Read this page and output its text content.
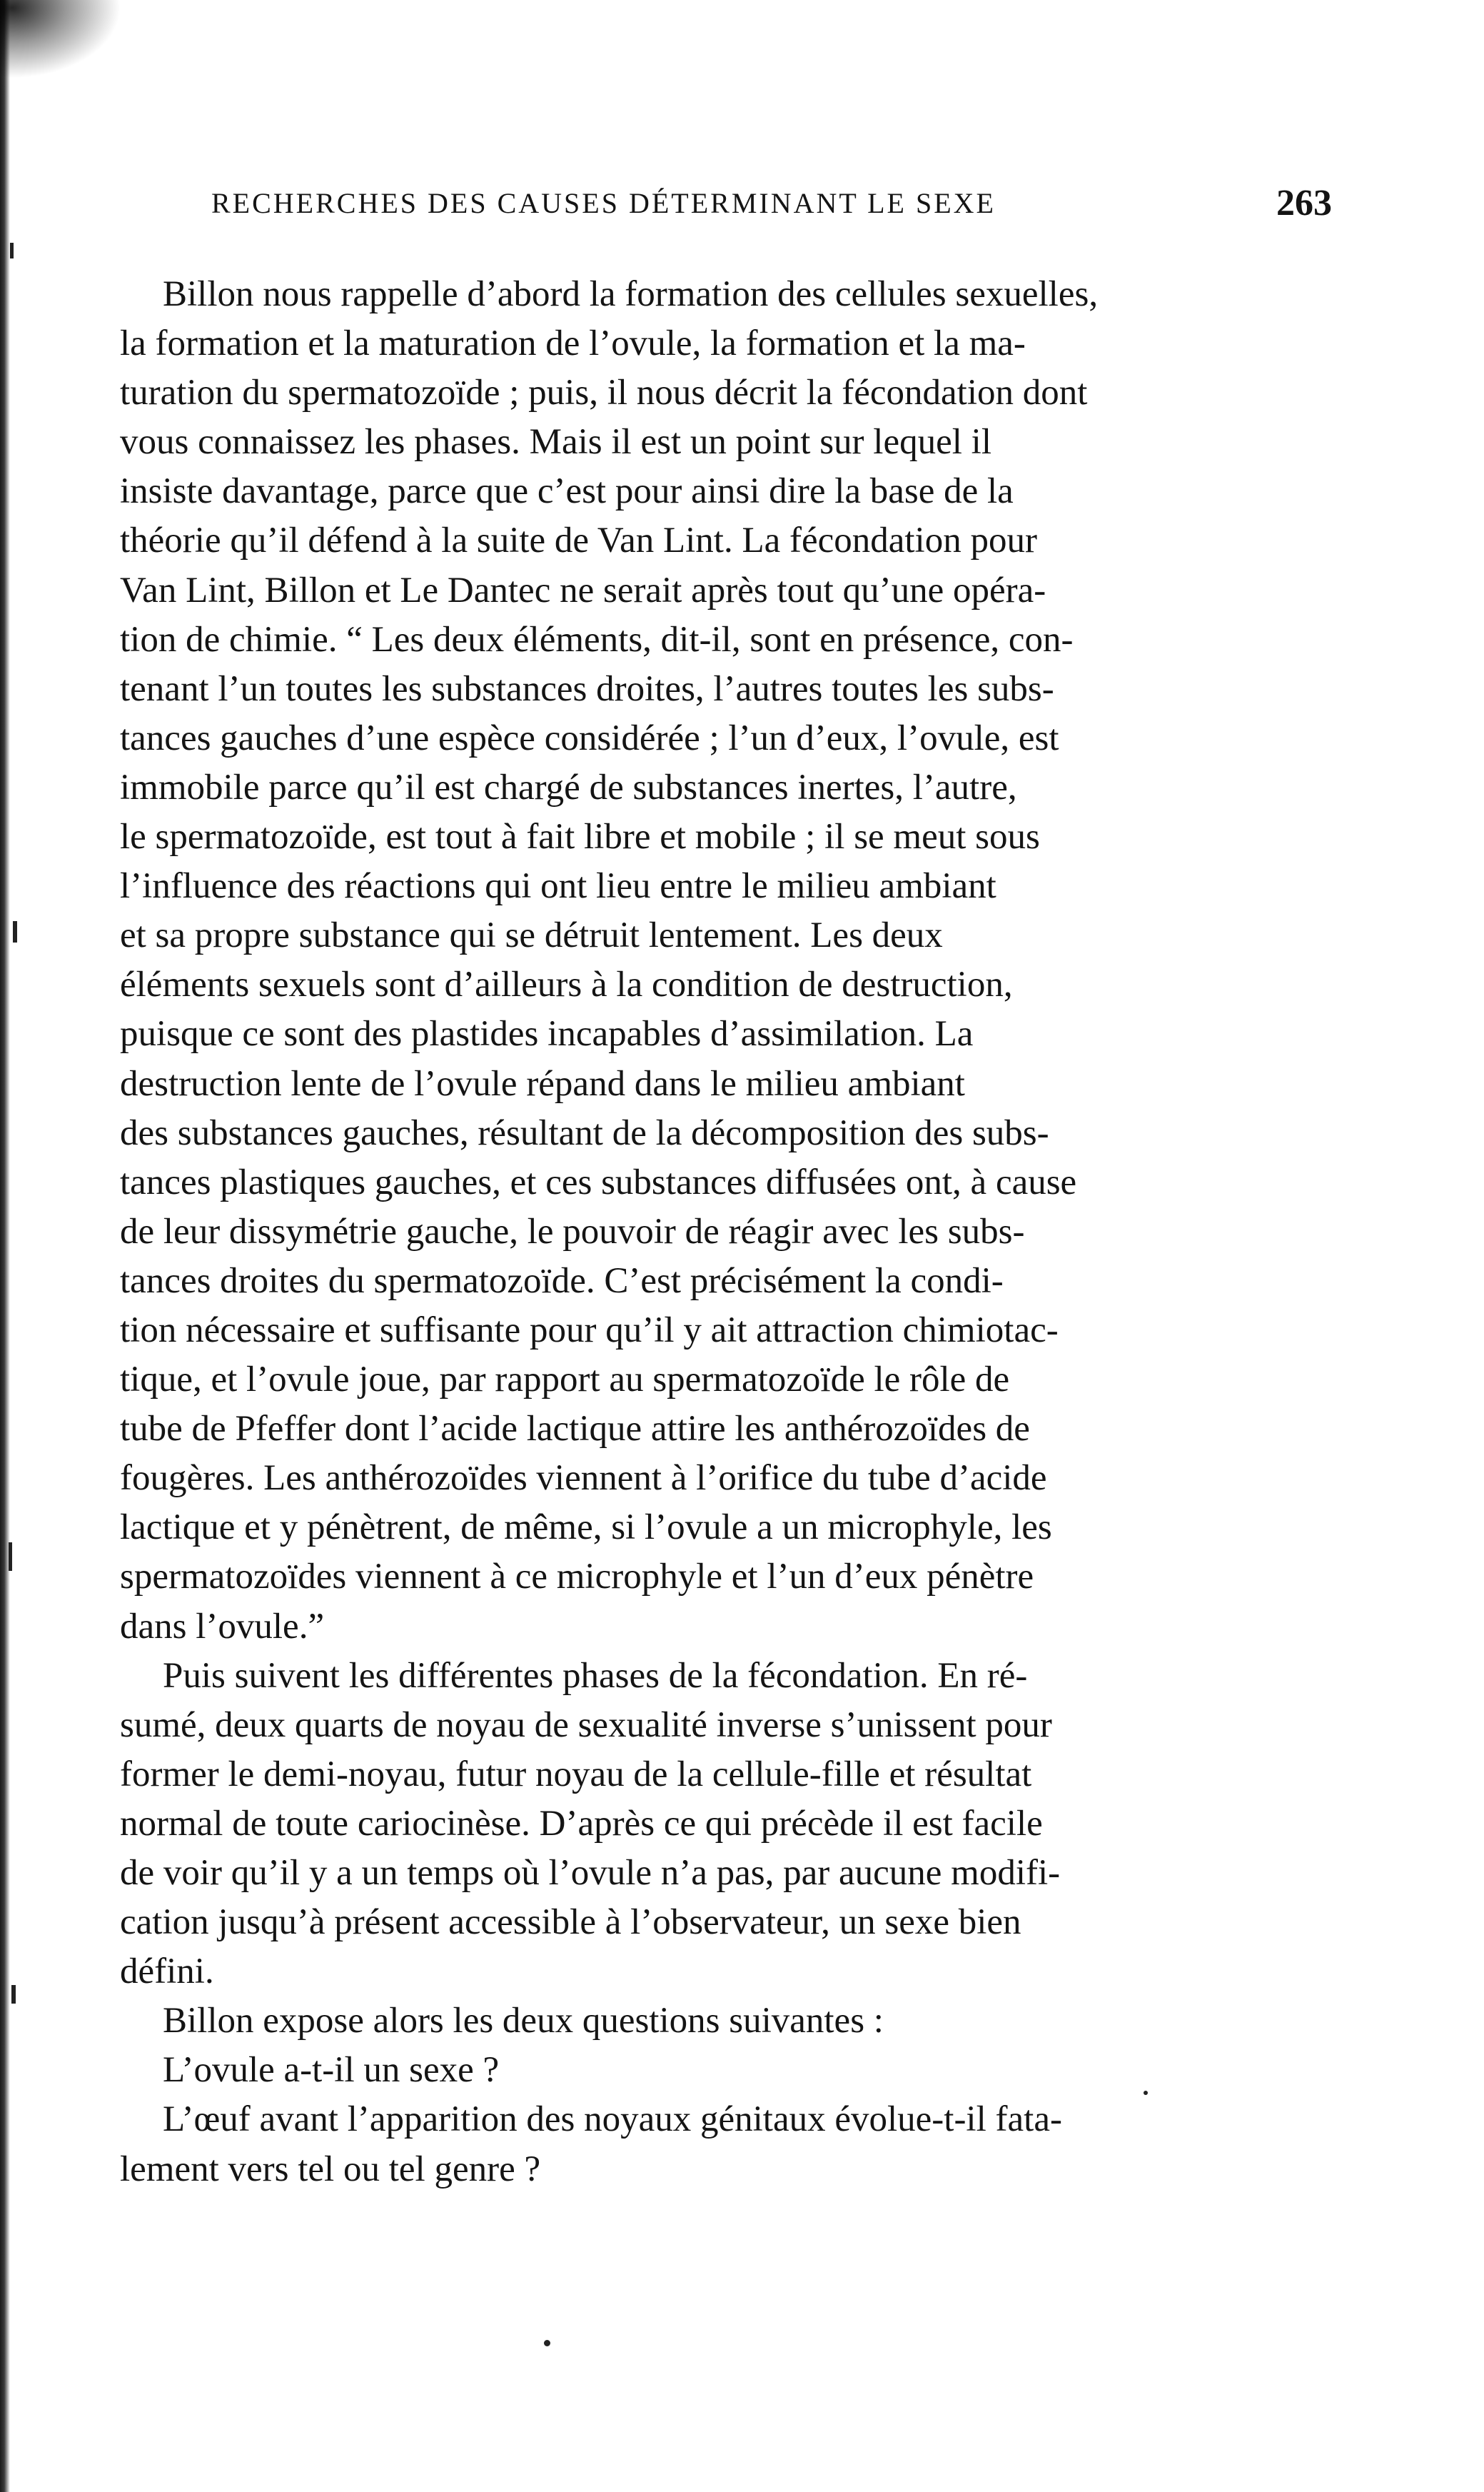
RECHERCHES DES CAUSES DÉTERMINANT LE SEXE	263

Billon nous rappelle d’abord la formation des cellules sexuelles,
la formation et la maturation de l’ovule, la formation et la ma-
turation du spermatozoïde ; puis, il nous décrit la fécondation dont
vous connaissez les phases. Mais il est un point sur lequel il
insiste davantage, parce que c’est pour ainsi dire la base de la
théorie qu’il défend à la suite de Van Lint. La fécondation pour
Van Lint, Billon et Le Dantec ne serait après tout qu’une opéra-
tion de chimie. “ Les deux éléments, dit-il, sont en présence, con-
tenant l’un toutes les substances droites, l’autres toutes les subs-
tances gauches d’une espèce considérée ; l’un d’eux, l’ovule, est
immobile parce qu’il est chargé de substances inertes, l’autre,
le spermatozoïde, est tout à fait libre et mobile ; il se meut sous
l’influence des réactions qui ont lieu entre le milieu ambiant
et sa propre substance qui se détruit lentement. Les deux
éléments sexuels sont d’ailleurs à la condition de destruction,
puisque ce sont des plastides incapables d’assimilation. La
destruction lente de l’ovule répand dans le milieu ambiant
des substances gauches, résultant de la décomposition des subs-
tances plastiques gauches, et ces substances diffusées ont, à cause
de leur dissymétrie gauche, le pouvoir de réagir avec les subs-
tances droites du spermatozoïde. C’est précisément la condi-
tion nécessaire et suffisante pour qu’il y ait attraction chimiotac-
tique, et l’ovule joue, par rapport au spermatozoïde le rôle de
tube de Pfeffer dont l’acide lactique attire les anthérozoïdes de
fougères. Les anthérozoïdes viennent à l’orifice du tube d’acide
lactique et y pénètrent, de même, si l’ovule a un microphyle, les
spermatozoïdes viennent à ce microphyle et l’un d’eux pénètre
dans l’ovule.”

Puis suivent les différentes phases de la fécondation. En ré-
sumé, deux quarts de noyau de sexualité inverse s’unissent pour
former le demi-noyau, futur noyau de la cellule-fille et résultat
normal de toute cariocinèse. D’après ce qui précède il est facile
de voir qu’il y a un temps où l’ovule n’a pas, par aucune modifi-
cation jusqu’à présent accessible à l’observateur, un sexe bien
défini.

Billon expose alors les deux questions suivantes :

L’ovule a-t-il un sexe ?

L’œuf avant l’apparition des noyaux génitaux évolue-t-il fata-
lement vers tel ou tel genre ?
